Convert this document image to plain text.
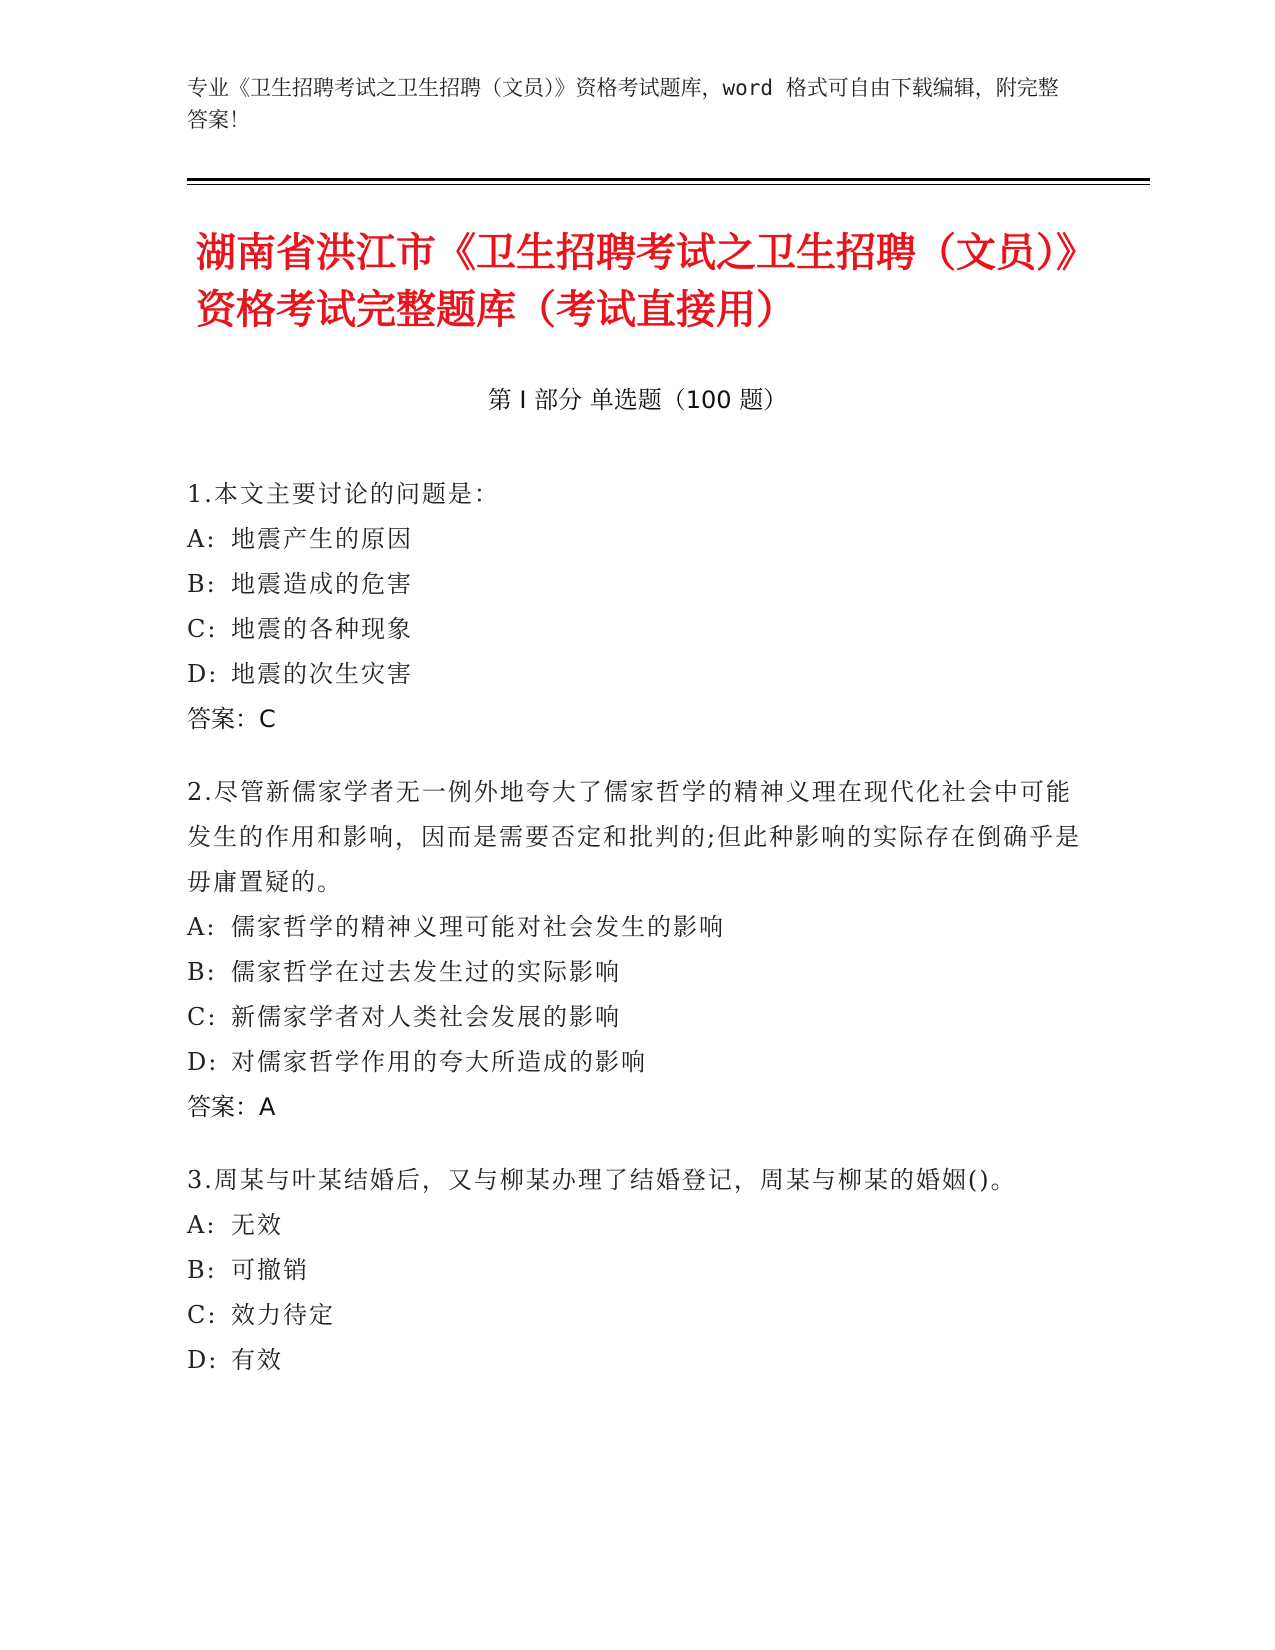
专业《卫生招聘考试之卫生招聘（文员）》资格考试题库，word 格式可自由下载编辑，附完整答案！
湖南省洪江市《卫生招聘考试之卫生招聘（文员）》资格考试完整题库（考试直接用）
第 I 部分 单选题（100 题）
1.本文主要讨论的问题是：
A: 地震产生的原因
B: 地震造成的危害
C: 地震的各种现象
D: 地震的次生灾害
答案：C
2.尽管新儒家学者无一例外地夸大了儒家哲学的精神义理在现代化社会中可能发生的作用和影响，因而是需要否定和批判的;但此种影响的实际存在倒确乎是毋庸置疑的。
A: 儒家哲学的精神义理可能对社会发生的影响
B: 儒家哲学在过去发生过的实际影响
C: 新儒家学者对人类社会发展的影响
D: 对儒家哲学作用的夸大所造成的影响
答案：A
3.周某与叶某结婚后，又与柳某办理了结婚登记，周某与柳某的婚姻()。
A: 无效
B: 可撤销
C: 效力待定
D: 有效
